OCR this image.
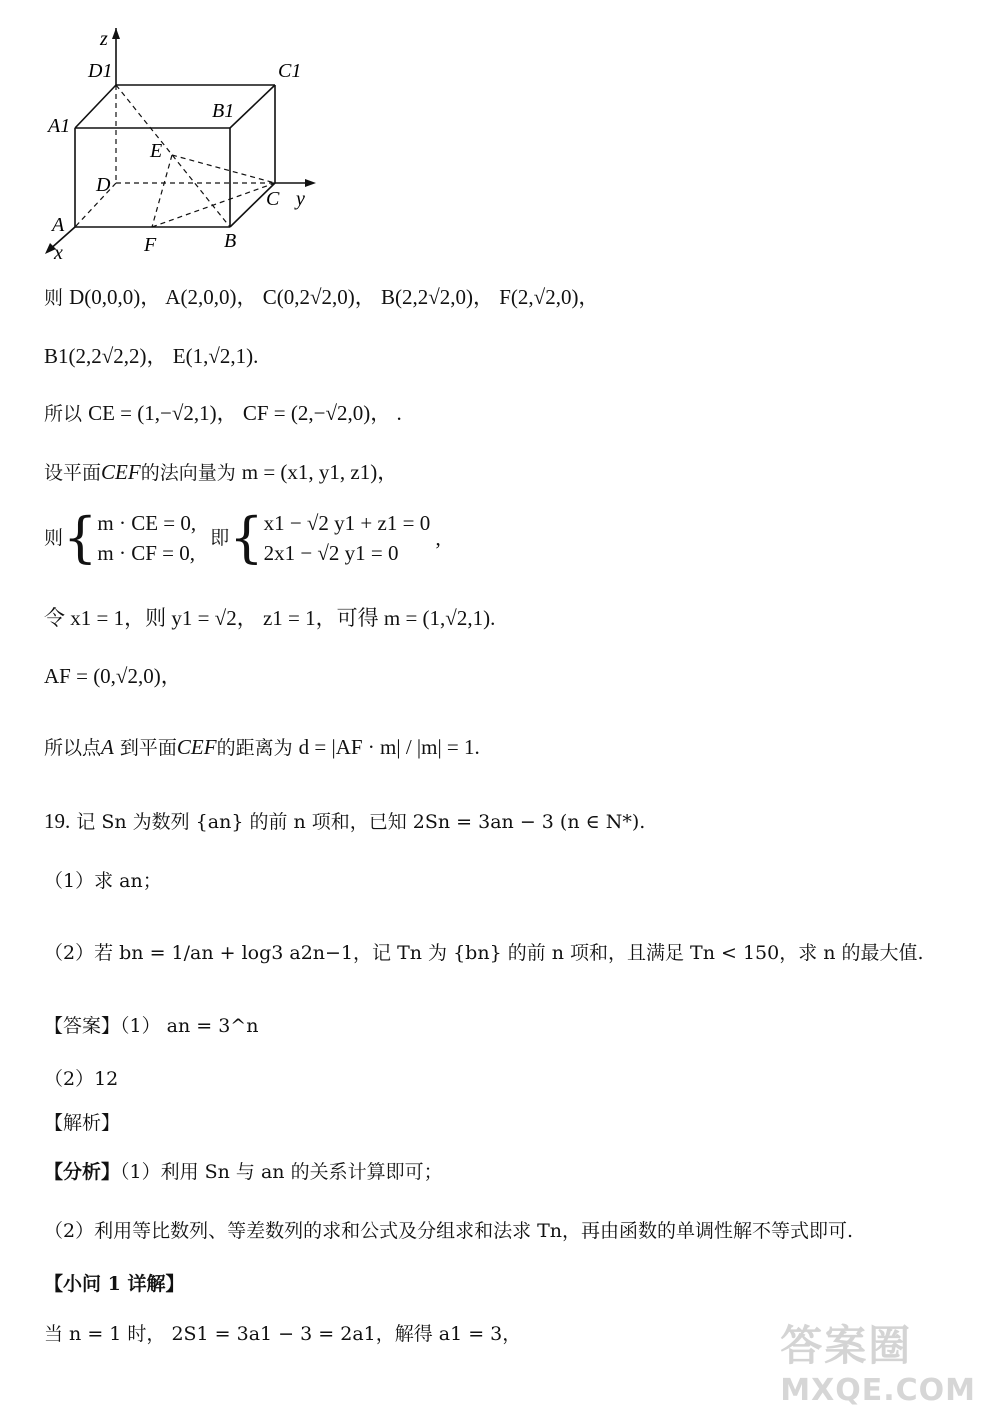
z
D1	C1
A1
B1
E
D
C y
A
x	F	B
则 D(0,0,0)， A(2,0,0)， C(0,2√2,0)， B(2,2√2,0)， F(2,√2,0)，
B1(2,2√2,2)， E(1,√2,1).
所以 CE = (1,−√2,1)， CF = (2,−√2,0)， .
设平面CEF的法向量为 m = (x1, y1, z1)，
则{ m · CE = 0,
m · CF = 0,
即{ x1 − √2 y1 + z1 = 0
2x1 − √2 y1 = 0
,
令 x1 = 1，则 y1 = √2， z1 = 1，可得 m = (1,√2,1).
AF = (0,√2,0)，
所以点A 到平面CEF的距离为 d = |AF · m| / |m| = 1.
19. 记 Sn 为数列 {an} 的前 n 项和，已知 2Sn = 3an − 3 (n ∈ N*).
（1）求 an；
（2）若 bn = 1/an + log3 a2n−1，记 Tn 为 {bn} 的前 n 项和，且满足 Tn < 150，求 n 的最大值.
【答案】（1） an = 3^n
（2）12
【解析】
【分析】（1）利用 Sn 与 an 的关系计算即可；
（2）利用等比数列、等差数列的求和公式及分组求和法求 Tn，再由函数的单调性解不等式即可.
【小问 1 详解】
当 n = 1 时， 2S1 = 3a1 − 3 = 2a1，解得 a1 = 3，	答案圈
MXQE.COM
